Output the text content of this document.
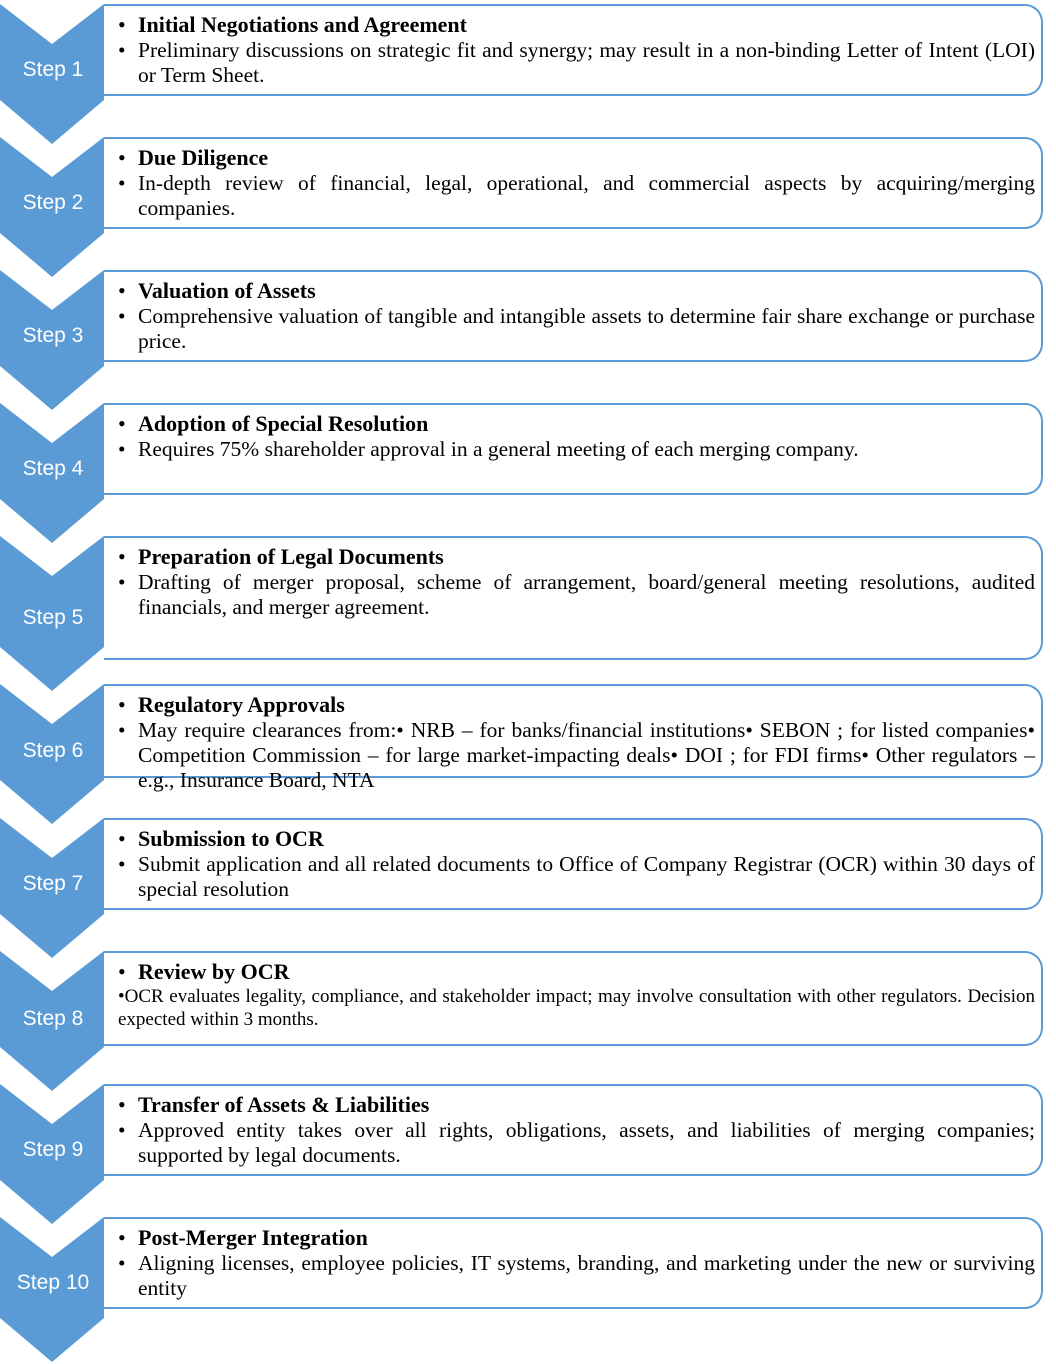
Step 1
• Initial Negotiations and Agreement
• Preliminary discussions on strategic fit and synergy; may result in a non-binding Letter of Intent (LOI) or Term Sheet.
Step 2
• Due Diligence
• In-depth review of financial, legal, operational, and commercial aspects by acquiring/merging companies.
Step 3
• Valuation of Assets
• Comprehensive valuation of tangible and intangible assets to determine fair share exchange or purchase price.
Step 4
• Adoption of Special Resolution
• Requires 75% shareholder approval in a general meeting of each merging company.
Step 5
• Preparation of Legal Documents
• Drafting of merger proposal, scheme of arrangement, board/general meeting resolutions, audited financials, and merger agreement.
Step 6
• Regulatory Approvals
• May require clearances from:• NRB – for banks/financial institutions• SEBON ; for listed companies• Competition Commission – for large market-impacting deals• DOI ; for FDI firms• Other regulators – e.g., Insurance Board, NTA
Step 7
• Submission to OCR
• Submit application and all related documents to Office of Company Registrar (OCR) within 30 days of special resolution
Step 8
• Review by OCR
•OCR evaluates legality, compliance, and stakeholder impact; may involve consultation with other regulators. Decision expected within 3 months.
Step 9
• Transfer of Assets & Liabilities
• Approved entity takes over all rights, obligations, assets, and liabilities of merging companies; supported by legal documents.
Step 10
• Post-Merger Integration
• Aligning licenses, employee policies, IT systems, branding, and marketing under the new or surviving entity
